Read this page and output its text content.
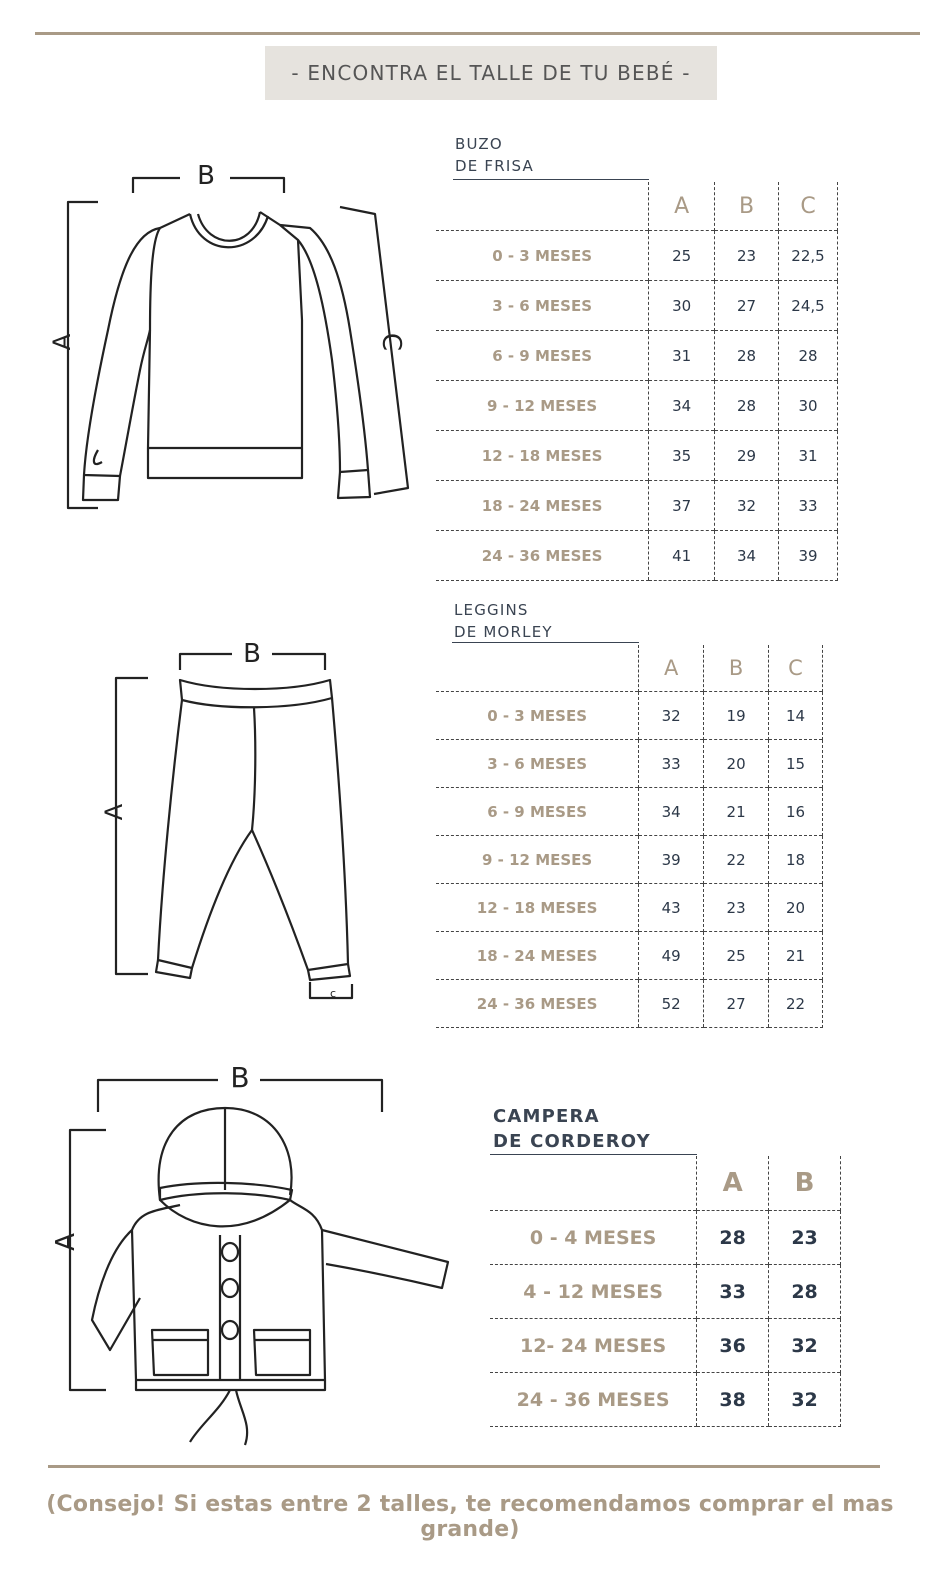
- ENCONTRA EL TALLE DE TU BEBÉ -
B
A	C
BUZO
DE FRISA
	A	B	C
0 - 3 MESES	25	23	22,5
3 - 6 MESES	30	27	24,5
6 - 9 MESES	31	28	28
9 - 12 MESES	34	28	30
12 - 18 MESES	35	29	31
18 - 24 MESES	37	32	33
24 - 36 MESES	41	34	39
B
A
c
LEGGINS
DE MORLEY
	A	B	C
0 - 3 MESES	32	19	14
3 - 6 MESES	33	20	15
6 - 9 MESES	34	21	16
9 - 12 MESES	39	22	18
12 - 18 MESES	43	23	20
18 - 24 MESES	49	25	21
24 - 36 MESES	52	27	22
B
A
CAMPERA
DE CORDEROY
	A	B
0 - 4 MESES	28	23
4 - 12 MESES	33	28
12- 24 MESES	36	32
24 - 36 MESES	38	32
(Consejo! Si estas entre 2 talles, te recomendamos comprar el mas grande)
